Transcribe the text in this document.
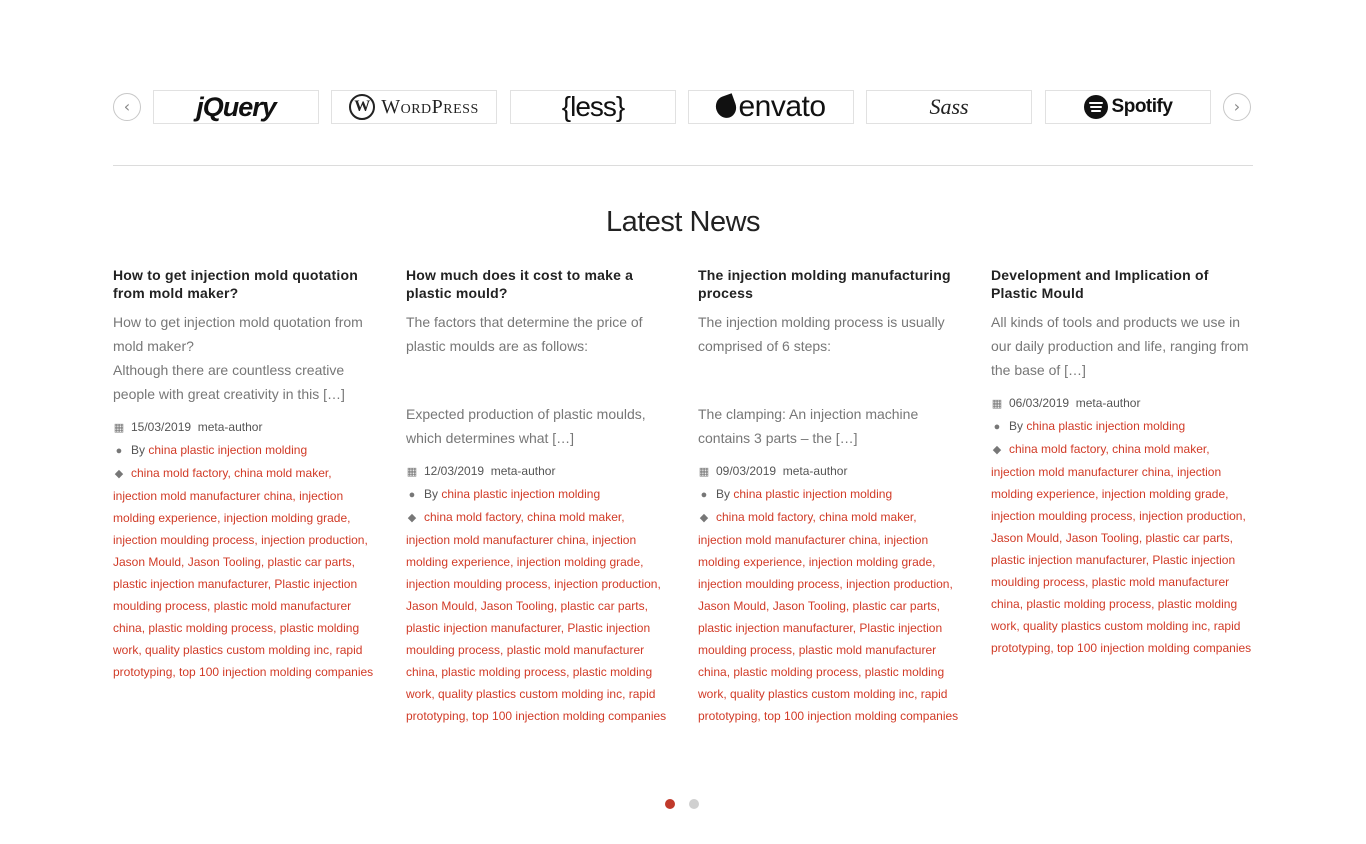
‹ jQuery	W WordPress	{less}	envato	Sass	Spotify	›
Latest News
How to get injection mold quotation from mold maker?

How to get injection mold quotation from mold maker?

Although there are countless creative people with great creativity in this […]

▦ 15/03/2019 meta-author
● By china plastic injection molding
◆ china mold factory, china mold maker, injection mold manufacturer china, injection molding experience, injection molding grade, injection moulding process, injection production, Jason Mould, Jason Tooling, plastic car parts, plastic injection manufacturer, Plastic injection moulding process, plastic mold manufacturer china, plastic molding process, plastic molding work, quality plastics custom molding inc, rapid prototyping, top 100 injection molding companies
How much does it cost to make a plastic mould?

The factors that determine the price of plastic moulds are as follows:

Expected production of plastic moulds, which determines what […]

▦ 12/03/2019 meta-author
● By china plastic injection molding
◆ china mold factory, china mold maker, injection mold manufacturer china, injection molding experience, injection molding grade, injection moulding process, injection production, Jason Mould, Jason Tooling, plastic car parts, plastic injection manufacturer, Plastic injection moulding process, plastic mold manufacturer china, plastic molding process, plastic molding work, quality plastics custom molding inc, rapid prototyping, top 100 injection molding companies
The injection molding manufacturing process

The injection molding process is usually comprised of 6 steps:

The clamping: An injection machine contains 3 parts – the […]

▦ 09/03/2019 meta-author
● By china plastic injection molding
◆ china mold factory, china mold maker, injection mold manufacturer china, injection molding experience, injection molding grade, injection moulding process, injection production, Jason Mould, Jason Tooling, plastic car parts, plastic injection manufacturer, Plastic injection moulding process, plastic mold manufacturer china, plastic molding process, plastic molding work, quality plastics custom molding inc, rapid prototyping, top 100 injection molding companies
Development and Implication of Plastic Mould

All kinds of tools and products we use in our daily production and life, ranging from the base of […]

▦ 06/03/2019 meta-author
● By china plastic injection molding
◆ china mold factory, china mold maker, injection mold manufacturer china, injection molding experience, injection molding grade, injection moulding process, injection production, Jason Mould, Jason Tooling, plastic car parts, plastic injection manufacturer, Plastic injection moulding process, plastic mold manufacturer china, plastic molding process, plastic molding work, quality plastics custom molding inc, rapid prototyping, top 100 injection molding companies
